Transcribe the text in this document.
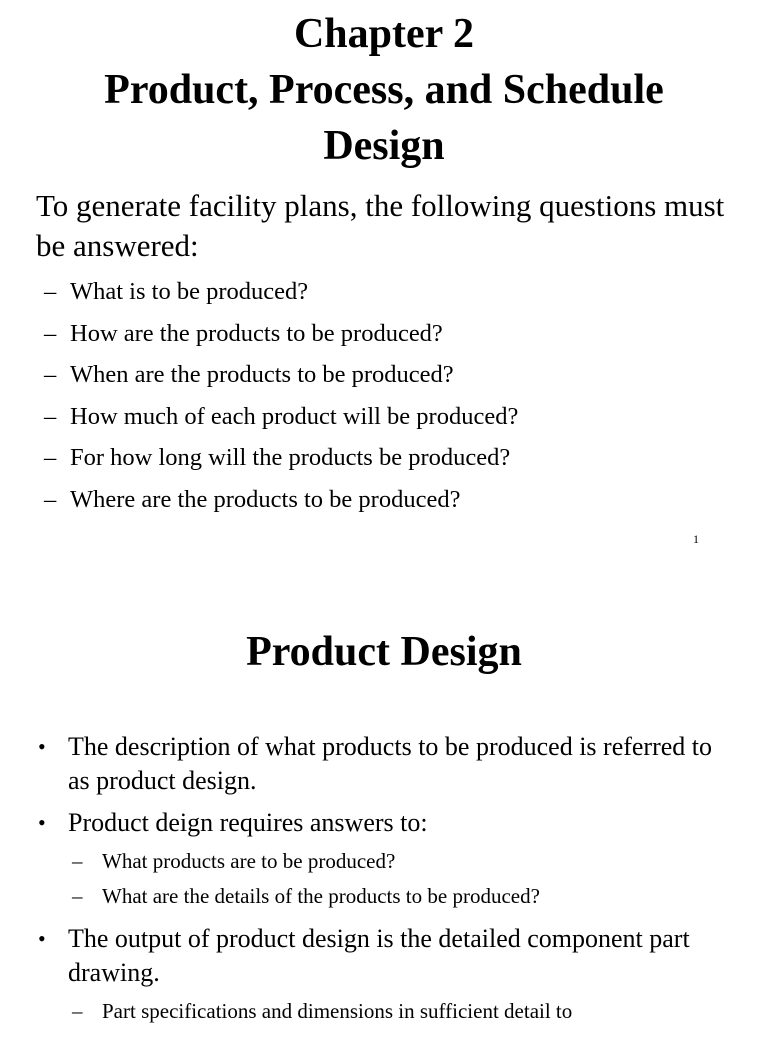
Chapter 2
Product, Process, and Schedule
Design
To generate facility plans, the following questions must be answered:
– What is to be produced?
– How are the products to be produced?
– When are the products to be produced?
– How much of each product will be produced?
– For how long will the products be produced?
– Where are the products to be produced?
1
Product Design
• The description of what products to be produced is referred to as product design.
• Product deign requires answers to:
– What products are to be produced?
– What are the details of the products to be produced?
• The output of product design is the detailed component part drawing.
– Part specifications and dimensions in sufficient detail to
